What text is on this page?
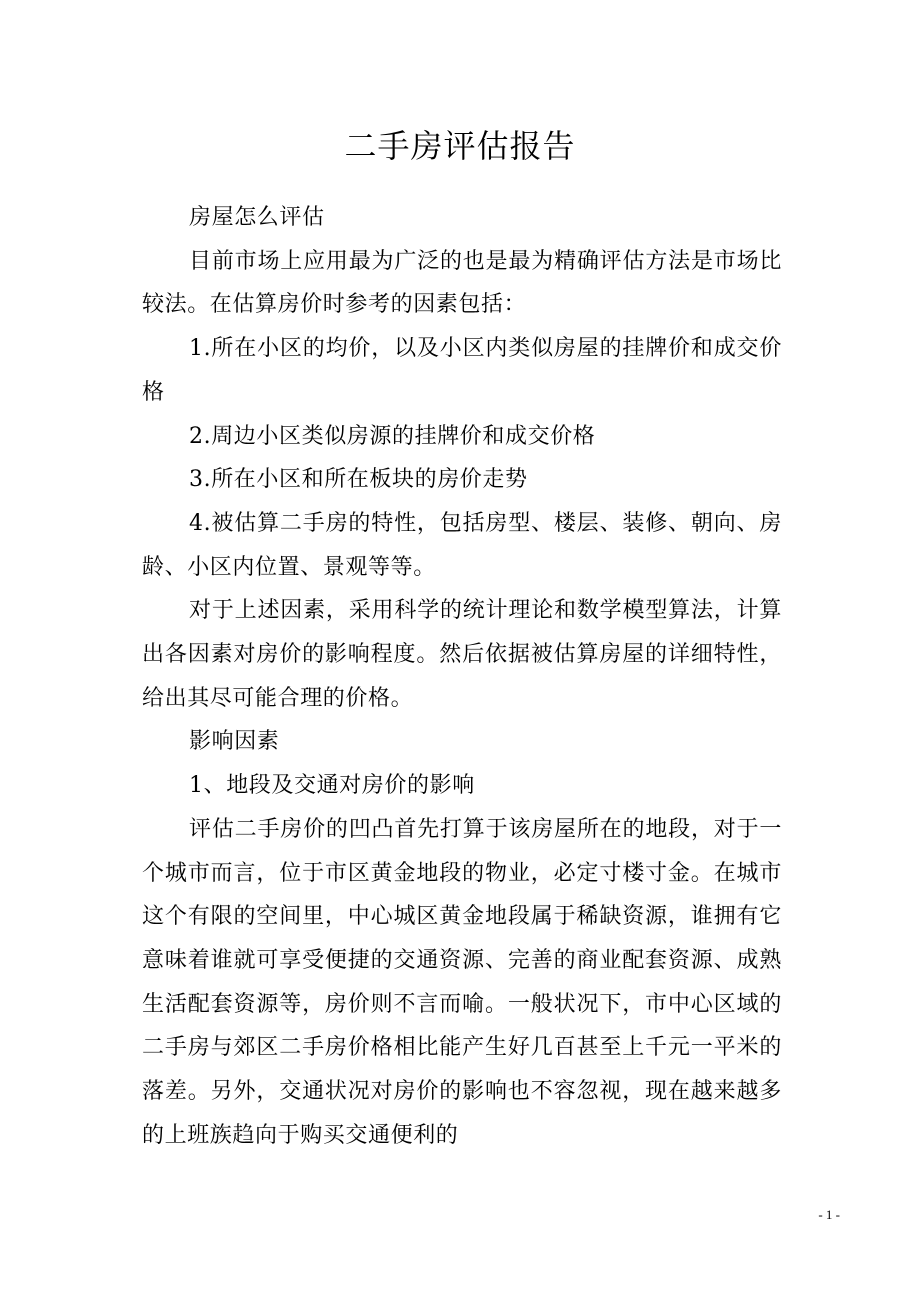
二手房评估报告

房屋怎么评估

目前市场上应用最为广泛的也是最为精确评估方法是市场比较法。在估算房价时参考的因素包括：

1.所在小区的均价，以及小区内类似房屋的挂牌价和成交价格

2.周边小区类似房源的挂牌价和成交价格

3.所在小区和所在板块的房价走势

4.被估算二手房的特性，包括房型、楼层、装修、朝向、房龄、小区内位置、景观等等。

对于上述因素，采用科学的统计理论和数学模型算法，计算出各因素对房价的影响程度。然后依据被估算房屋的详细特性，给出其尽可能合理的价格。

影响因素

1、地段及交通对房价的影响

评估二手房价的凹凸首先打算于该房屋所在的地段，对于一个城市而言，位于市区黄金地段的物业，必定寸楼寸金。在城市这个有限的空间里，中心城区黄金地段属于稀缺资源，谁拥有它意味着谁就可享受便捷的交通资源、完善的商业配套资源、成熟生活配套资源等，房价则不言而喻。一般状况下，市中心区域的二手房与郊区二手房价格相比能产生好几百甚至上千元一平米的落差。另外，交通状况对房价的影响也不容忽视，现在越来越多的上班族趋向于购买交通便利的

- 1 -
